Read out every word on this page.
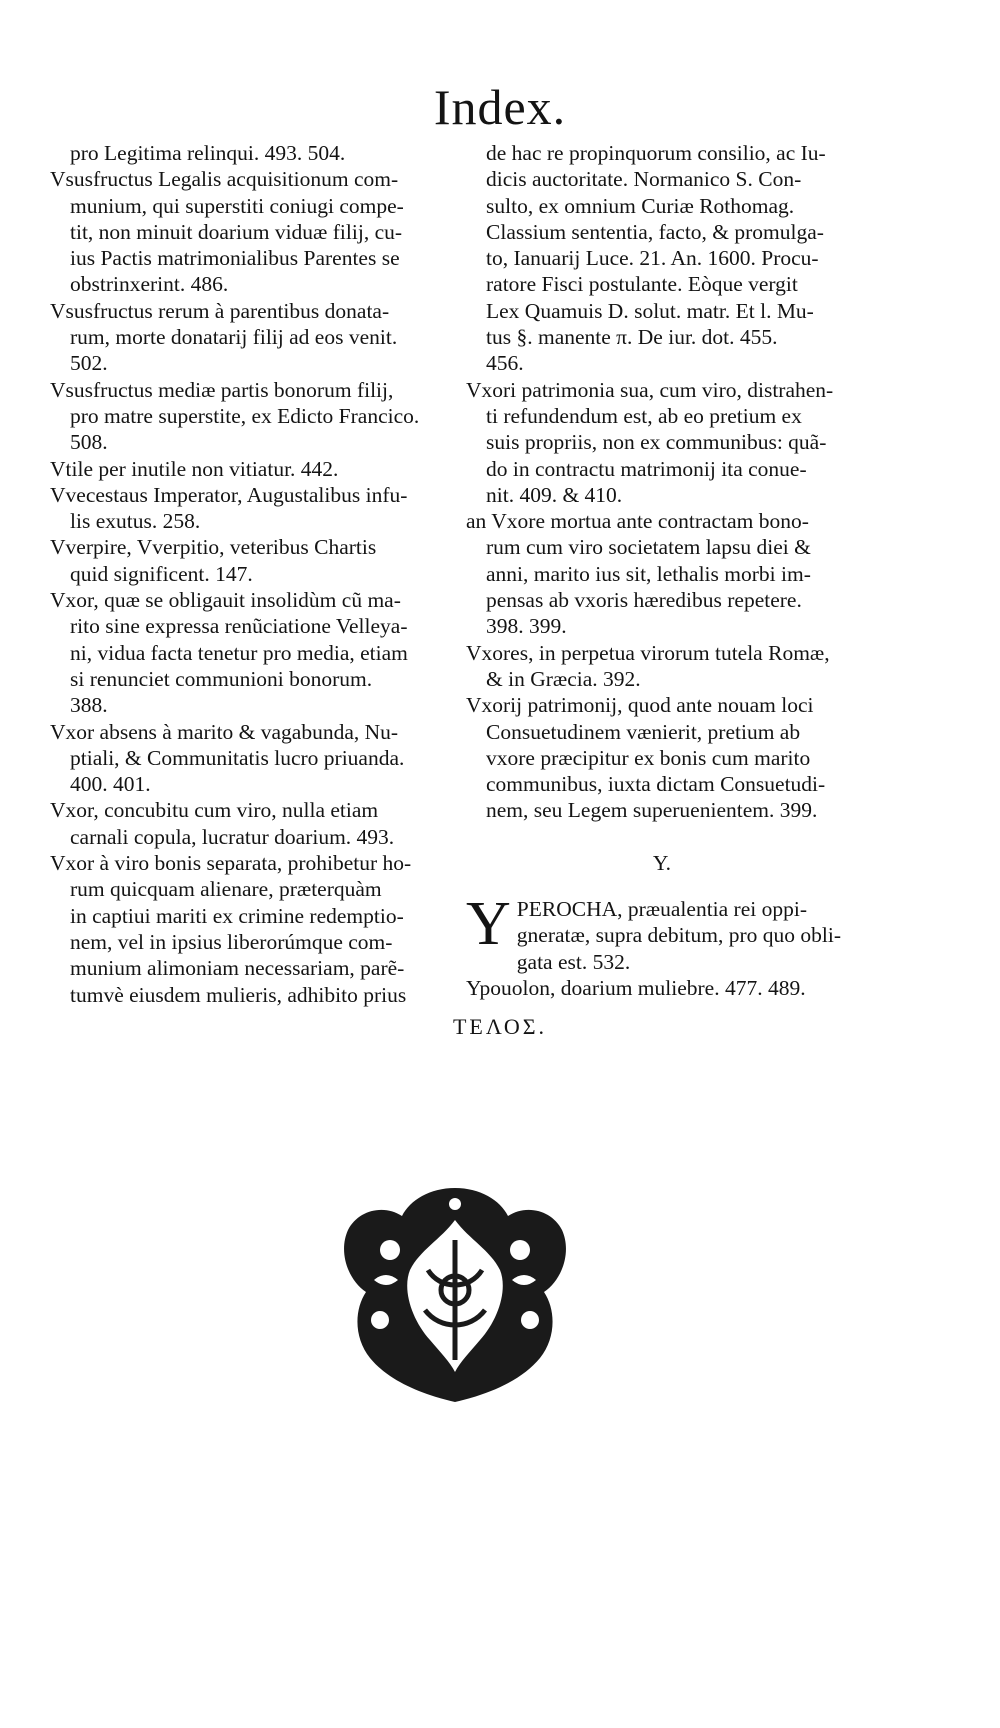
Index.
pro Legitima relinqui. 493. 504.
Vsusfructus Legalis acquisitionum com-
munium, qui superstiti coniugi compe-
tit, non minuit doarium viduæ filij, cu-
ius Pactis matrimonialibus Parentes se
obstrinxerint. 486.
Vsusfructus rerum à parentibus donata-
rum, morte donatarij filij ad eos venit.
502.
Vsusfructus mediæ partis bonorum filij,
pro matre superstite, ex Edicto Francico.
508.
Vtile per inutile non vitiatur. 442.
Vvecestaus Imperator, Augustalibus infu-
lis exutus. 258.
Vverpire, Vverpitio, veteribus Chartis
quid significent. 147.
Vxor, quæ se obligauit insolidùm cũ ma-
rito sine expressa renũciatione Velleya-
ni, vidua facta tenetur pro media, etiam
si renunciet communioni bonorum.
388.
Vxor absens à marito & vagabunda, Nu-
ptiali, & Communitatis lucro priuanda.
400. 401.
Vxor, concubitu cum viro, nulla etiam
carnali copula, lucratur doarium. 493.
Vxor à viro bonis separata, prohibetur ho-
rum quicquam alienare, præterquàm
in captiui mariti ex crimine redemptio-
nem, vel in ipsius liberorúmque com-
munium alimoniam necessariam, parẽ-
tumvè eiusdem mulieris, adhibito prius
de hac re propinquorum consilio, ac Iu-
dicis auctoritate. Normanico S. Con-
sulto, ex omnium Curiæ Rothomag.
Classium sententia, facto, & promulga-
to, Ianuarij Luce. 21. An. 1600. Procu-
ratore Fisci postulante. Eòque vergit
Lex Quamuis D. solut. matr. Et l. Mu-
tus §. manente π. De iur. dot. 455.
456.
Vxori patrimonia sua, cum viro, distrahen-
ti refundendum est, ab eo pretium ex
suis propriis, non ex communibus: quã-
do in contractu matrimonij ita conue-
nit. 409. & 410.
an Vxore mortua ante contractam bono-
rum cum viro societatem lapsu diei &
anni, marito ius sit, lethalis morbi im-
pensas ab vxoris hæredibus repetere.
398. 399.
Vxores, in perpetua virorum tutela Romæ,
& in Græcia. 392.
Vxorij patrimonij, quod ante nouam loci
Consuetudinem vænierit, pretium ab
vxore præcipitur ex bonis cum marito
communibus, iuxta dictam Consuetudi-
nem, seu Legem superuenientem. 399.
Y.
Y PEROCHA, præualentia rei oppi-
gneratæ, supra debitum, pro quo obli-
gata est. 532.
Ypouolon, doarium muliebre. 477. 489.
ΤΕΛΟΣ.
